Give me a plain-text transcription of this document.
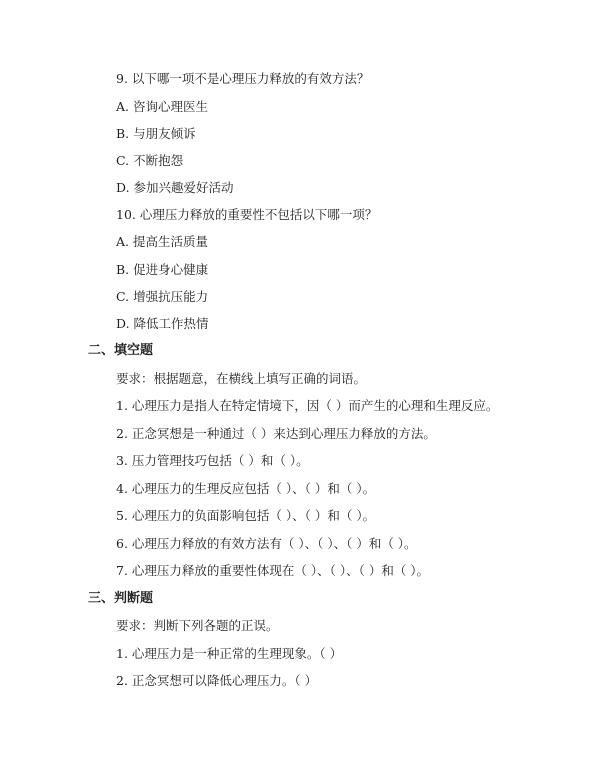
9. 以下哪一项不是心理压力释放的有效方法？
A. 咨询心理医生
B. 与朋友倾诉
C. 不断抱怨
D. 参加兴趣爱好活动
10. 心理压力释放的重要性不包括以下哪一项？
A. 提高生活质量
B. 促进身心健康
C. 增强抗压能力
D. 降低工作热情
二、填空题
要求：根据题意，在横线上填写正确的词语。
1. 心理压力是指人在特定情境下，因（ ）而产生的心理和生理反应。
2. 正念冥想是一种通过（ ）来达到心理压力释放的方法。
3. 压力管理技巧包括（ ）和（ ）。
4. 心理压力的生理反应包括（ ）、（ ）和（ ）。
5. 心理压力的负面影响包括（ ）、（ ）和（ ）。
6. 心理压力释放的有效方法有（ ）、（ ）、（ ）和（ ）。
7. 心理压力释放的重要性体现在（ ）、（ ）、（ ）和（ ）。
三、判断题
要求：判断下列各题的正误。
1. 心理压力是一种正常的生理现象。（ ）
2. 正念冥想可以降低心理压力。（ ）
